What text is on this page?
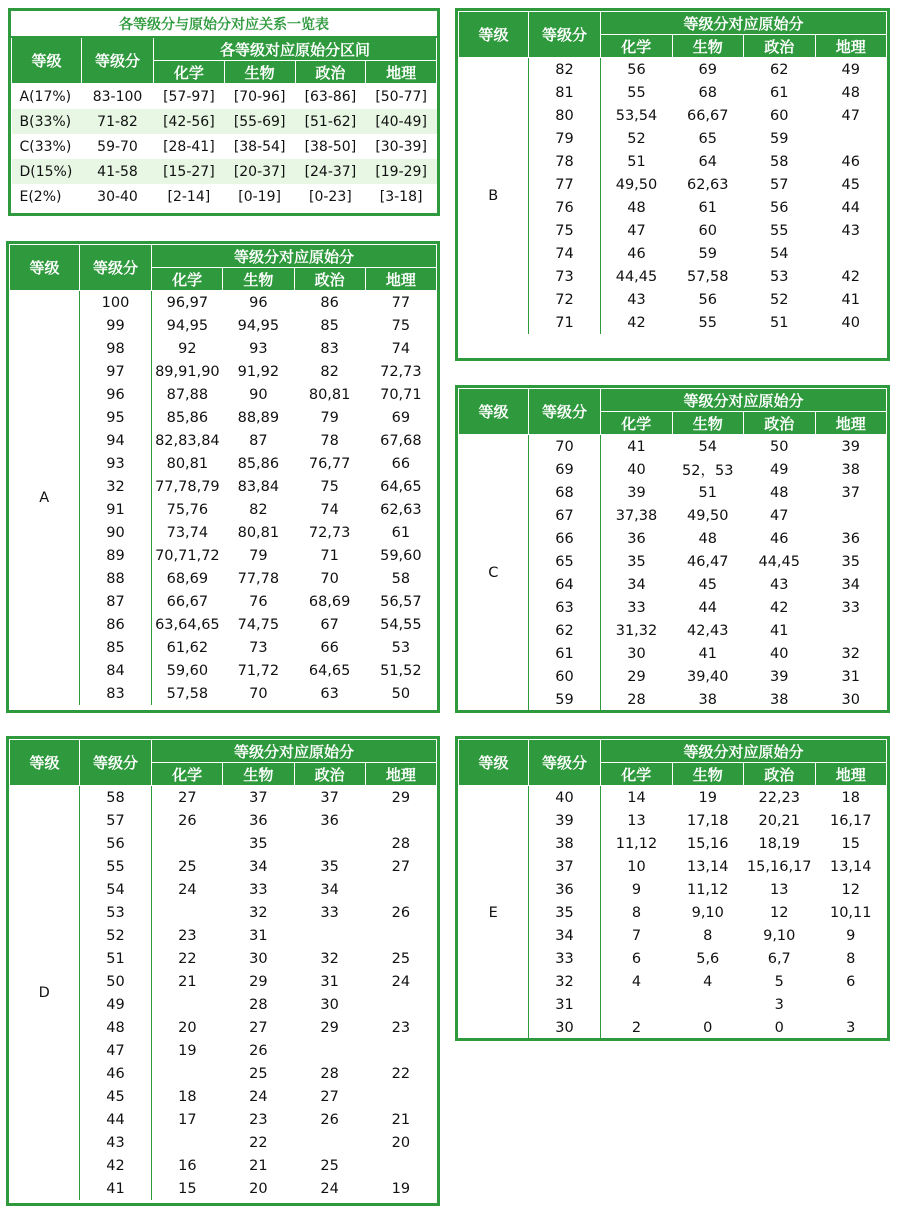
各等级分与原始分对应关系一览表					
等级	等级分	各等级对应原始分区间			
		化学	生物	政治	地理
A(17%)	83-100	[57-97]	[70-96]	[63-86]	[50-77]
B(33%)	71-82	[42-56]	[55-69]	[51-62]	[40-49]
C(33%)	59-70	[28-41]	[38-54]	[38-50]	[30-39]
D(15%)	41-58	[15-27]	[20-37]	[24-37]	[19-29]
E(2%)	30-40	[2-14]	[0-19]	[0-23]	[3-18]
等级	等级分	等级分对应原始分			
		化学	生物	政治	地理
A	100	96,97	96	86	77
	99	94,95	94,95	85	75
	98	92	93	83	74
	97	89,91,90	91,92	82	72,73
	96	87,88	90	80,81	70,71
	95	85,86	88,89	79	69
	94	82,83,84	87	78	67,68
	93	80,81	85,86	76,77	66
	32	77,78,79	83,84	75	64,65
	91	75,76	82	74	62,63
	90	73,74	80,81	72,73	61
	89	70,71,72	79	71	59,60
	88	68,69	77,78	70	58
	87	66,67	76	68,69	56,57
	86	63,64,65	74,75	67	54,55
	85	61,62	73	66	53
	84	59,60	71,72	64,65	51,52
	83	57,58	70	63	50
等级	等级分	等级分对应原始分			
		化学	生物	政治	地理
B	82	56	69	62	49
	81	55	68	61	48
	80	53,54	66,67	60	47
	79	52	65	59	
	78	51	64	58	46
	77	49,50	62,63	57	45
	76	48	61	56	44
	75	47	60	55	43
	74	46	59	54	
	73	44,45	57,58	53	42
	72	43	56	52	41
	71	42	55	51	40
等级	等级分	等级分对应原始分			
		化学	生物	政治	地理
C	70	41	54	50	39
	69	40	52，53	49	38
	68	39	51	48	37
	67	37,38	49,50	47	
	66	36	48	46	36
	65	35	46,47	44,45	35
	64	34	45	43	34
	63	33	44	42	33
	62	31,32	42,43	41	
	61	30	41	40	32
	60	29	39,40	39	31
	59	28	38	38	30
等级	等级分	等级分对应原始分			
		化学	生物	政治	地理
D	58	27	37	37	29
	57	26	36	36	
	56		35		28
	55	25	34	35	27
	54	24	33	34	
	53		32	33	26
	52	23	31		
	51	22	30	32	25
	50	21	29	31	24
	49		28	30	
	48	20	27	29	23
	47	19	26		
	46		25	28	22
	45	18	24	27	
	44	17	23	26	21
	43		22		20
	42	16	21	25	
	41	15	20	24	19
等级	等级分	等级分对应原始分			
		化学	生物	政治	地理
E	40	14	19	22,23	18
	39	13	17,18	20,21	16,17
	38	11,12	15,16	18,19	15
	37	10	13,14	15,16,17	13,14
	36	9	11,12	13	12
	35	8	9,10	12	10,11
	34	7	8	9,10	9
	33	6	5,6	6,7	8
	32	4	4	5	6
	31			3	
	30	2	0	0	3
